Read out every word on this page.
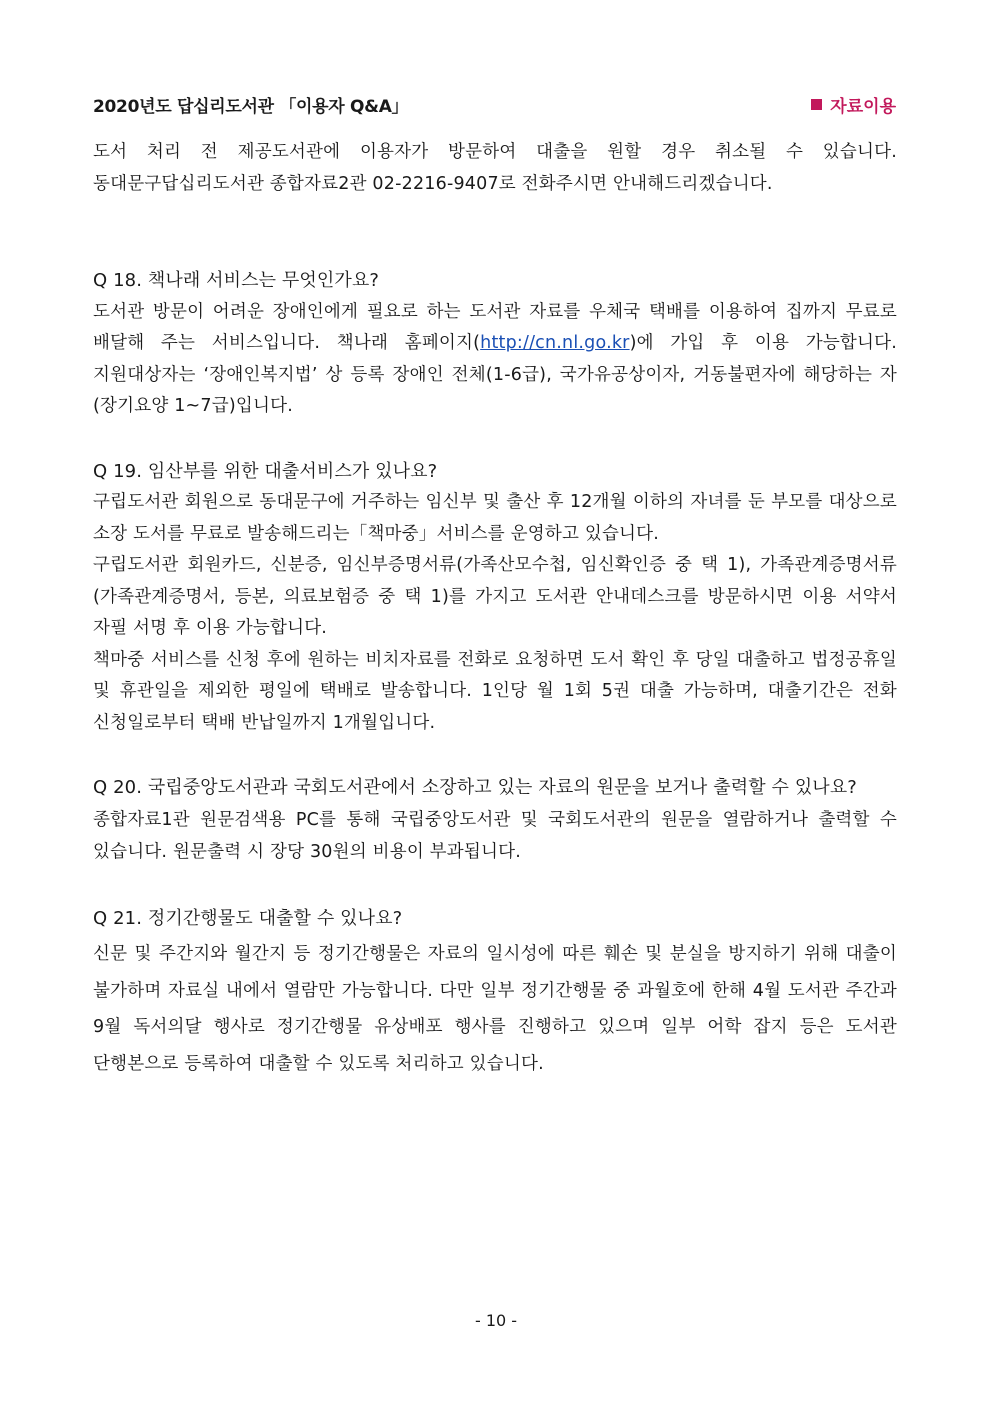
2020년도 답십리도서관 「이용자 Q&A」	자료이용

도서 처리 전 제공도서관에 이용자가 방문하여 대출을 원할 경우 취소될 수 있습니다. 동대문구답십리도서관 종합자료2관 02-2216-9407로 전화주시면 안내해드리겠습니다.

Q 18. 책나래 서비스는 무엇인가요?

도서관 방문이 어려운 장애인에게 필요로 하는 도서관 자료를 우체국 택배를 이용하여 집까지 무료로 배달해 주는 서비스입니다. 책나래 홈페이지(http://cn.nl.go.kr)에 가입 후 이용 가능합니다. 지원대상자는 ‘장애인복지법’ 상 등록 장애인 전체(1-6급), 국가유공상이자, 거동불편자에 해당하는 자(장기요양 1~7급)입니다.

Q 19. 임산부를 위한 대출서비스가 있나요?

구립도서관 회원으로 동대문구에 거주하는 임신부 및 출산 후 12개월 이하의 자녀를 둔 부모를 대상으로 소장 도서를 무료로 발송해드리는「책마중」서비스를 운영하고 있습니다.

구립도서관 회원카드, 신분증, 임신부증명서류(가족산모수첩, 임신확인증 중 택 1), 가족관계증명서류(가족관계증명서, 등본, 의료보험증 중 택 1)를 가지고 도서관 안내데스크를 방문하시면 이용 서약서 자필 서명 후 이용 가능합니다.

책마중 서비스를 신청 후에 원하는 비치자료를 전화로 요청하면 도서 확인 후 당일 대출하고 법정공휴일 및 휴관일을 제외한 평일에 택배로 발송합니다. 1인당 월 1회 5권 대출 가능하며, 대출기간은 전화 신청일로부터 택배 반납일까지 1개월입니다.

Q 20. 국립중앙도서관과 국회도서관에서 소장하고 있는 자료의 원문을 보거나 출력할 수 있나요?

종합자료1관 원문검색용 PC를 통해 국립중앙도서관 및 국회도서관의 원문을 열람하거나 출력할 수 있습니다. 원문출력 시 장당 30원의 비용이 부과됩니다.

Q 21. 정기간행물도 대출할 수 있나요?

신문 및 주간지와 월간지 등 정기간행물은 자료의 일시성에 따른 훼손 및 분실을 방지하기 위해 대출이 불가하며 자료실 내에서 열람만 가능합니다. 다만 일부 정기간행물 중 과월호에 한해 4월 도서관 주간과 9월 독서의달 행사로 정기간행물 유상배포 행사를 진행하고 있으며 일부 어학 잡지 등은 도서관 단행본으로 등록하여 대출할 수 있도록 처리하고 있습니다.

- 10 -
